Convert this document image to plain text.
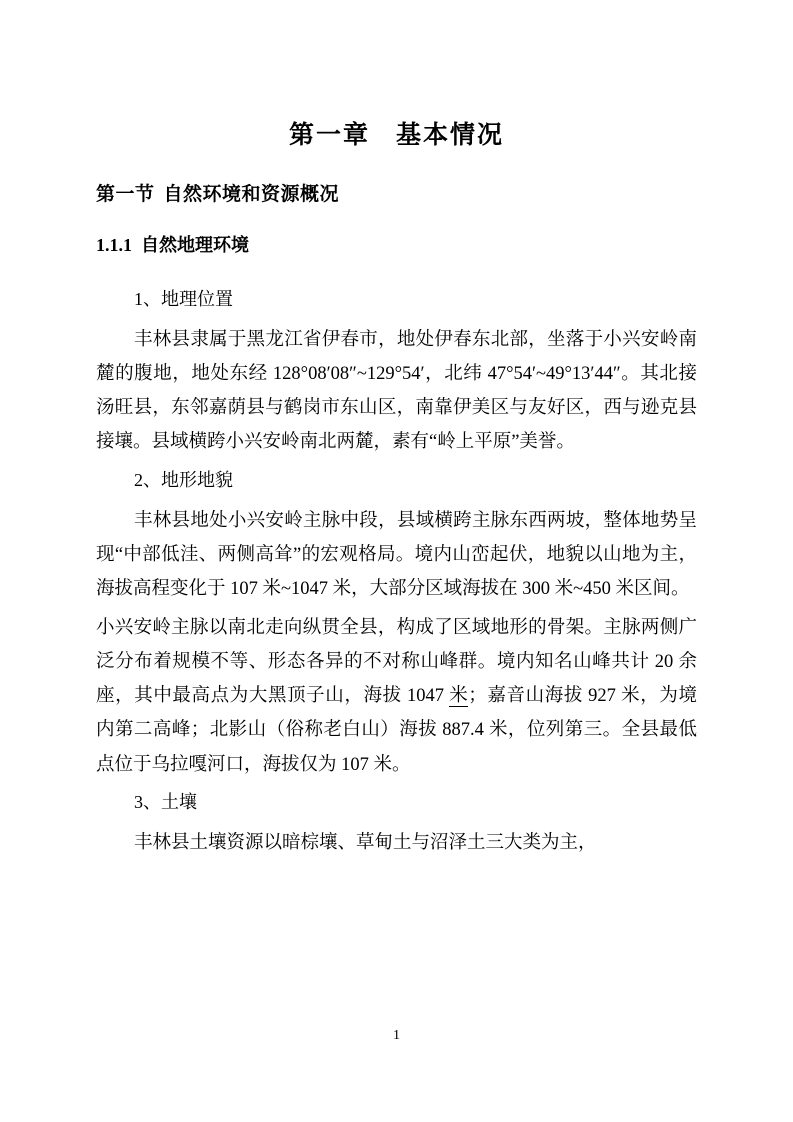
第一章 基本情况
第一节 自然环境和资源概况
1.1.1 自然地理环境

1、地理位置

丰林县隶属于黑龙江省伊春市，地处伊春东北部，坐落于小兴安岭南麓的腹地，地处东经 128°08′08″~129°54′，北纬 47°54′~49°13′44″。其北接汤旺县，东邻嘉荫县与鹤岗市东山区，南靠伊美区与友好区，西与逊克县接壤。县域横跨小兴安岭南北两麓，素有“岭上平原”美誉。

2、地形地貌

丰林县地处小兴安岭主脉中段，县域横跨主脉东西两坡，整体地势呈现“中部低洼、两侧高耸”的宏观格局。境内山峦起伏，地貌以山地为主，海拔高程变化于 107 米~1047 米，大部分区域海拔在 300 米~450 米区间。

小兴安岭主脉以南北走向纵贯全县，构成了区域地形的骨架。主脉两侧广泛分布着规模不等、形态各异的不对称山峰群。境内知名山峰共计 20 余座，其中最高点为大黑顶子山，海拔 1047 米；嘉音山海拔 927 米，为境内第二高峰；北影山（俗称老白山）海拔 887.4 米，位列第三。全县最低点位于乌拉嘎河口，海拔仅为 107 米。

3、土壤

丰林县土壤资源以暗棕壤、草甸土与沼泽土三大类为主，

1
